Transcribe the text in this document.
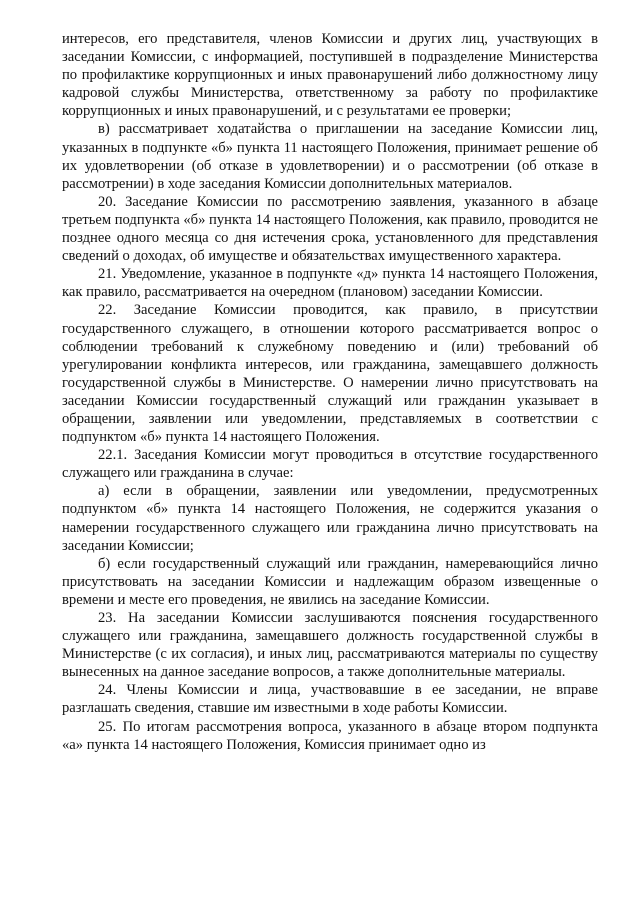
интересов, его представителя, членов Комиссии и других лиц, участвующих в заседании Комиссии, с информацией, поступившей в подразделение Министерства по профилактике коррупционных и иных правонарушений либо должностному лицу кадровой службы Министерства, ответственному за работу по профилактике коррупционных и иных правонарушений, и с результатами ее проверки;

в) рассматривает ходатайства о приглашении на заседание Комиссии лиц, указанных в подпункте «б» пункта 11 настоящего Положения, принимает решение об их удовлетворении (об отказе в удовлетворении) и о рассмотрении (об отказе в рассмотрении) в ходе заседания Комиссии дополнительных материалов.

20. Заседание Комиссии по рассмотрению заявления, указанного в абзаце третьем подпункта «б» пункта 14 настоящего Положения, как правило, проводится не позднее одного месяца со дня истечения срока, установленного для представления сведений о доходах, об имуществе и обязательствах имущественного характера.

21. Уведомление, указанное в подпункте «д» пункта 14 настоящего Положения, как правило, рассматривается на очередном (плановом) заседании Комиссии.

22. Заседание Комиссии проводится, как правило, в присутствии государственного служащего, в отношении которого рассматривается вопрос о соблюдении требований к служебному поведению и (или) требований об урегулировании конфликта интересов, или гражданина, замещавшего должность государственной службы в Министерстве. О намерении лично присутствовать на заседании Комиссии государственный служащий или гражданин указывает в обращении, заявлении или уведомлении, представляемых в соответствии с подпунктом «б» пункта 14 настоящего Положения.

22.1. Заседания Комиссии могут проводиться в отсутствие государственного служащего или гражданина в случае:

а) если в обращении, заявлении или уведомлении, предусмотренных подпунктом «б» пункта 14 настоящего Положения, не содержится указания о намерении государственного служащего или гражданина лично присутствовать на заседании Комиссии;

б) если государственный служащий или гражданин, намеревающийся лично присутствовать на заседании Комиссии и надлежащим образом извещенные о времени и месте его проведения, не явились на заседание Комиссии.

23. На заседании Комиссии заслушиваются пояснения государственного служащего или гражданина, замещавшего должность государственной службы в Министерстве (с их согласия), и иных лиц, рассматриваются материалы по существу вынесенных на данное заседание вопросов, а также дополнительные материалы.

24. Члены Комиссии и лица, участвовавшие в ее заседании, не вправе разглашать сведения, ставшие им известными в ходе работы Комиссии.

25. По итогам рассмотрения вопроса, указанного в абзаце втором подпункта «а» пункта 14 настоящего Положения, Комиссия принимает одно из
